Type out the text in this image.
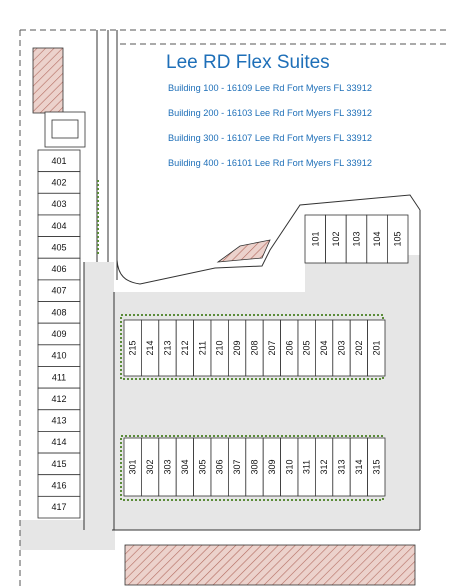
401
402
403
404
405
406
407
408
409
410
411
412
413
414
415
416
417
101 102 103 104 105
215 214 213 212 211 210 209 208 207 206 205 204 203 202 201
301 302 303 304 305 306 307 308 309 310 311 312 313 314 315
Lee RD Flex Suites
Building 100 - 16109 Lee Rd Fort Myers FL 33912
Building 200 - 16103 Lee Rd Fort Myers FL 33912
Building 300 - 16107 Lee Rd Fort Myers FL 33912
Building 400 - 16101 Lee Rd Fort Myers FL 33912
